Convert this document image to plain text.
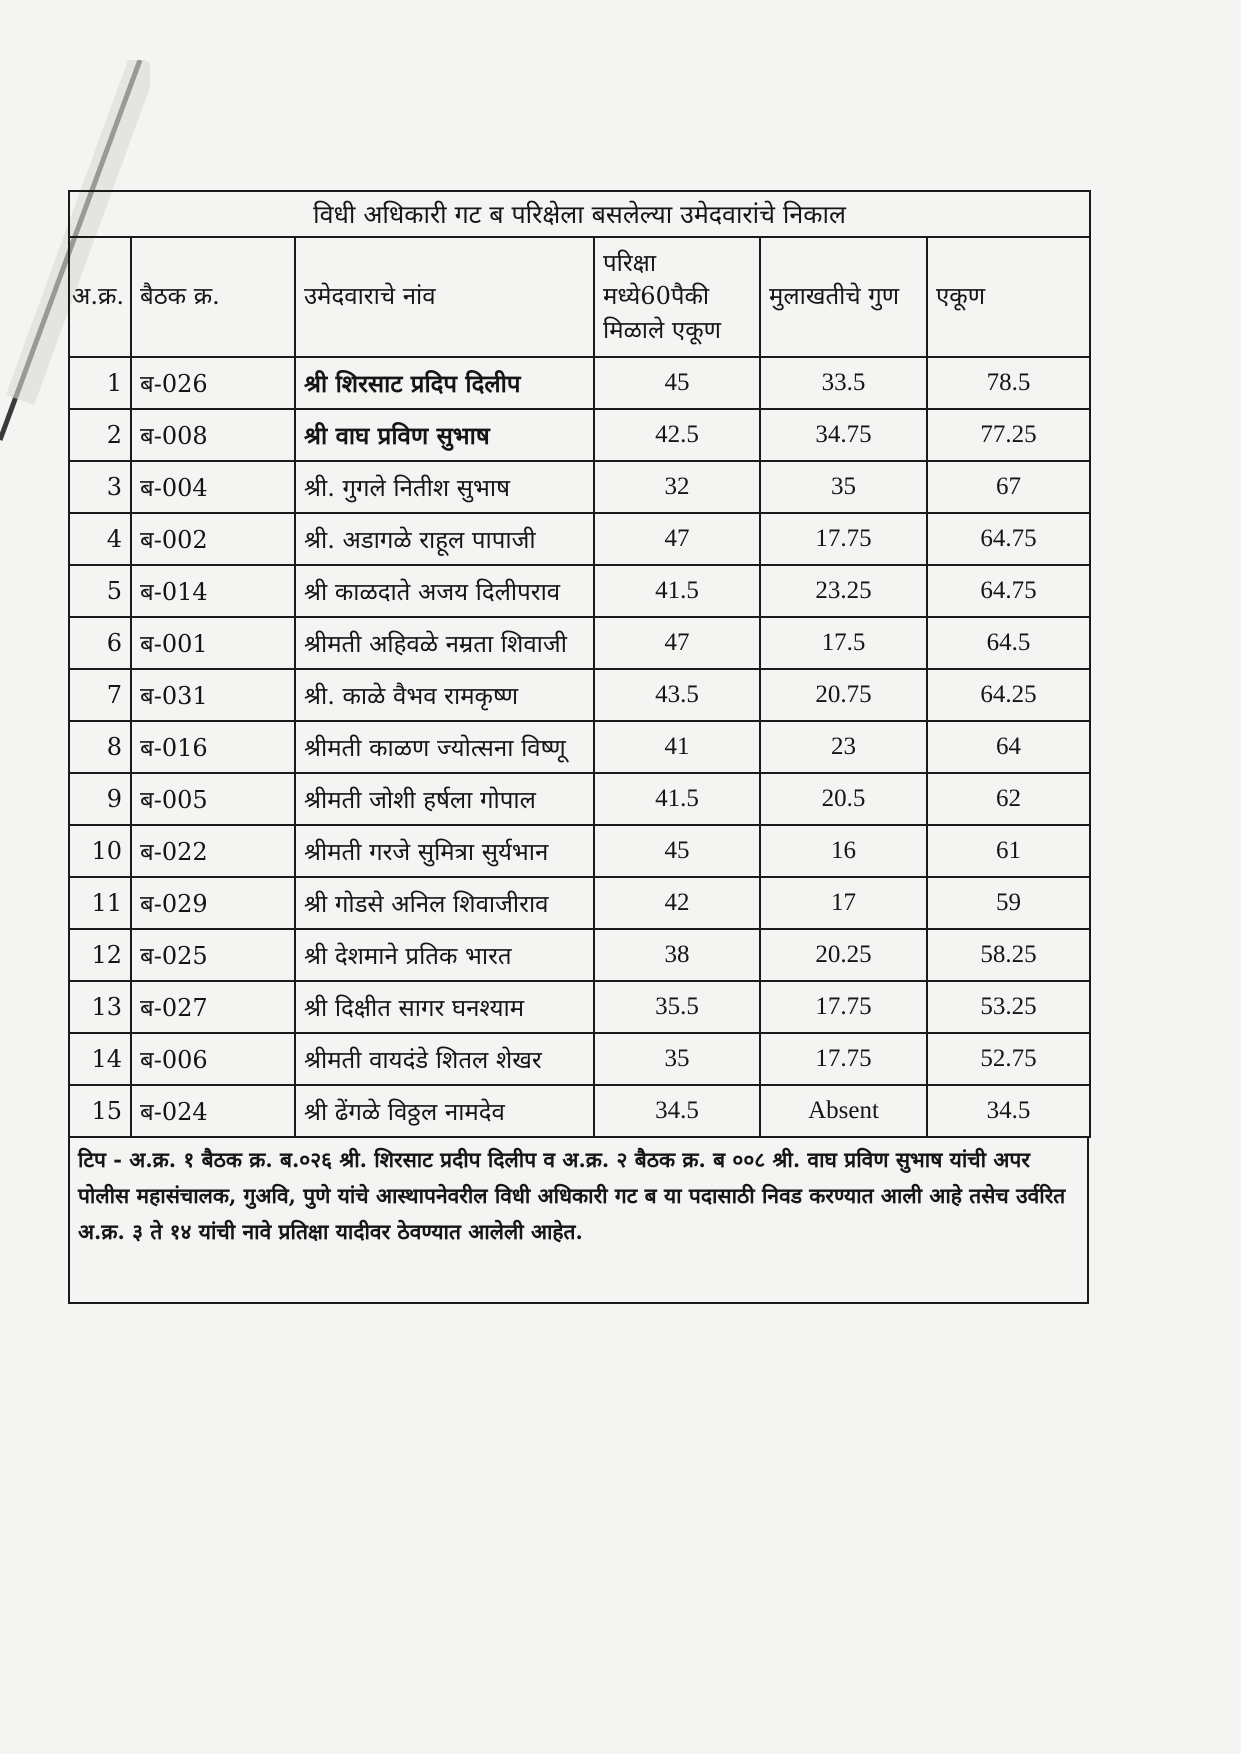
विधी अधिकारी गट ब परिक्षेला बसलेल्या उमेदवारांचे निकाल					
अ.क्र.	बैठक क्र.	उमेदवाराचे नांव	परिक्षा मध्ये60पैकी मिळाले एकूण	मुलाखतीचे गुण	एकूण
1	ब-026	श्री शिरसाट प्रदिप दिलीप	45	33.5	78.5
2	ब-008	श्री वाघ प्रविण सुभाष	42.5	34.75	77.25
3	ब-004	श्री. गुगले नितीश सुभाष	32	35	67
4	ब-002	श्री. अडागळे राहूल पापाजी	47	17.75	64.75
5	ब-014	श्री काळदाते अजय दिलीपराव	41.5	23.25	64.75
6	ब-001	श्रीमती अहिवळे नम्रता शिवाजी	47	17.5	64.5
7	ब-031	श्री. काळे वैभव रामकृष्ण	43.5	20.75	64.25
8	ब-016	श्रीमती काळण ज्योत्सना विष्णू	41	23	64
9	ब-005	श्रीमती जोशी हर्षला गोपाल	41.5	20.5	62
10	ब-022	श्रीमती गरजे सुमित्रा सुर्यभान	45	16	61
11	ब-029	श्री गोडसे अनिल शिवाजीराव	42	17	59
12	ब-025	श्री देशमाने प्रतिक भारत	38	20.25	58.25
13	ब-027	श्री दिक्षीत सागर घनश्याम	35.5	17.75	53.25
14	ब-006	श्रीमती वायदंडे शितल शेखर	35	17.75	52.75
15	ब-024	श्री ढेंगळे विठ्ठल नामदेव	34.5	Absent	34.5
टिप - अ.क्र. १ बैठक क्र. ब.०२६ श्री. शिरसाट प्रदीप दिलीप व अ.क्र. २ बैठक क्र. ब ००८ श्री. वाघ प्रविण सुभाष यांची अपर पोलीस महासंचालक, गुअवि, पुणे यांचे आस्थापनेवरील विधी अधिकारी गट ब या पदासाठी निवड करण्यात आली आहे तसेच उर्वरित अ.क्र. ३ ते १४ यांची नावे प्रतिक्षा यादीवर ठेवण्यात आलेली आहेत.
